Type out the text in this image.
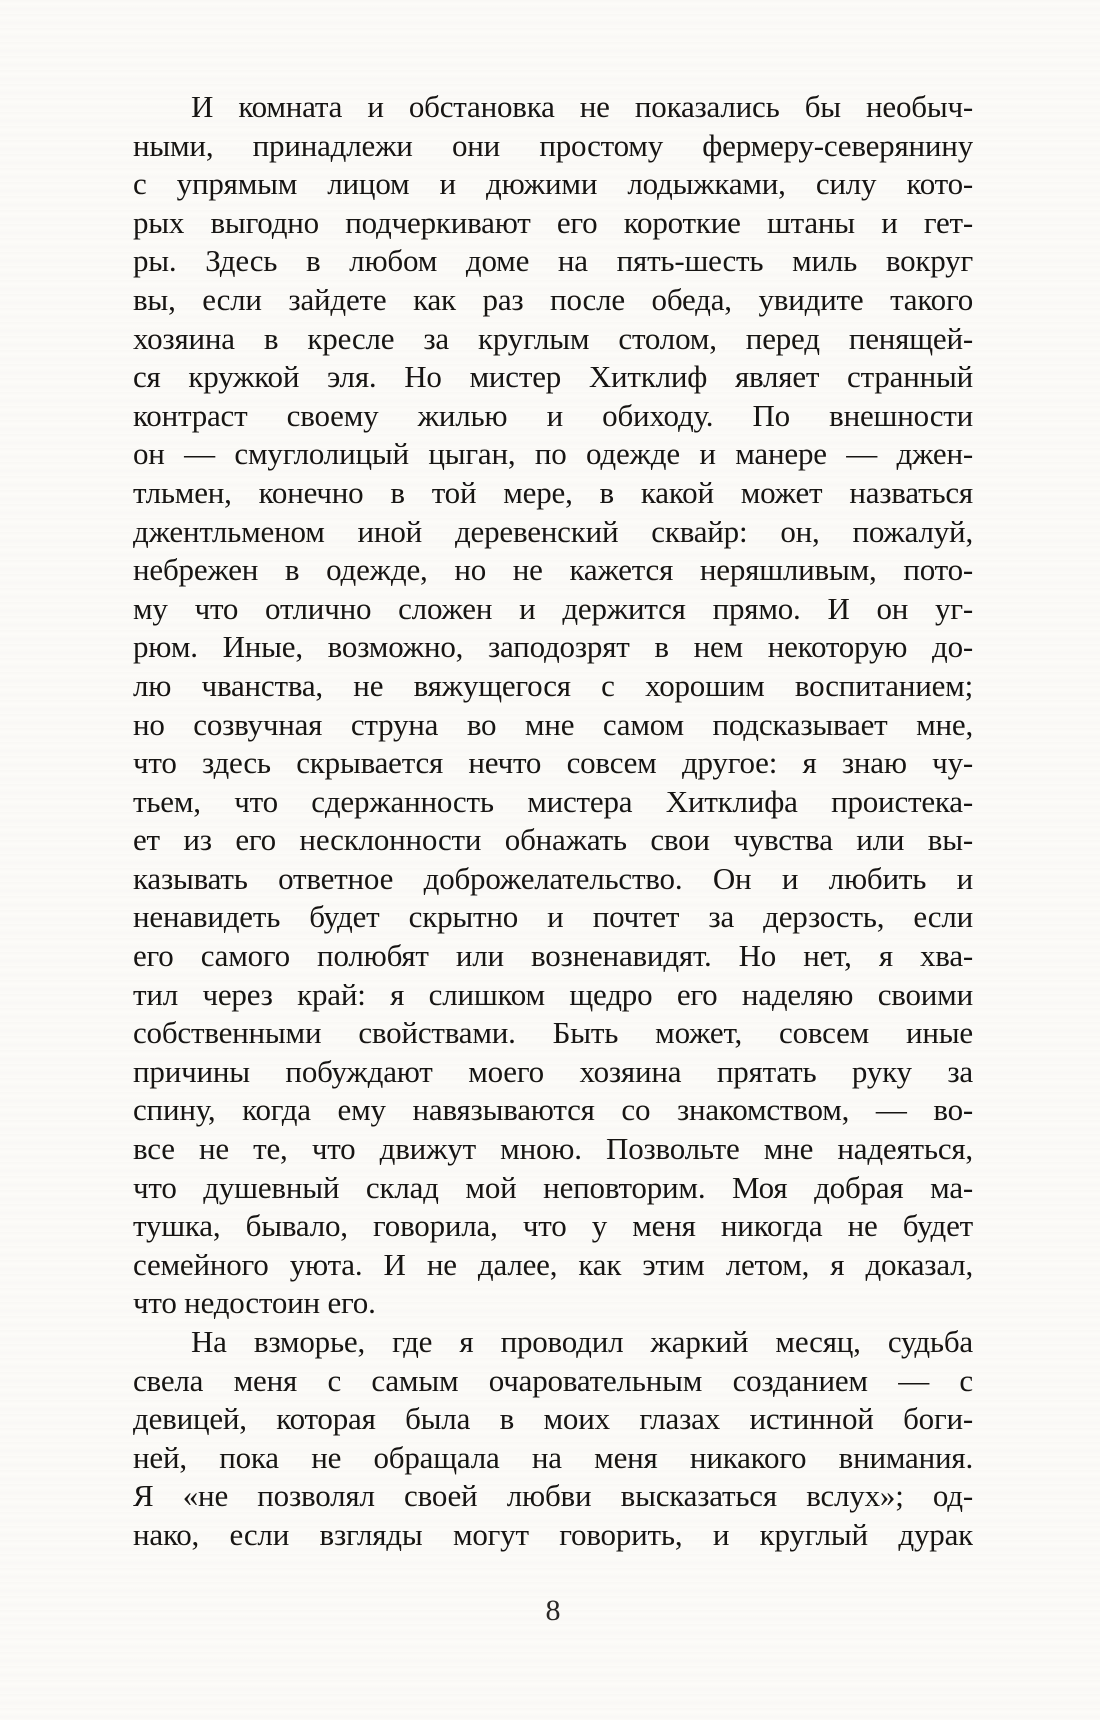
И комната и обстановка не показались бы необыч-
ными, принадлежи они простому фермеру-северянину
с упрямым лицом и дюжими лодыжками, силу кото-
рых выгодно подчеркивают его короткие штаны и гет-
ры. Здесь в любом доме на пять-шесть миль вокруг
вы, если зайдете как раз после обеда, увидите такого
хозяина в кресле за круглым столом, перед пенящей-
ся кружкой эля. Но мистер Хитклиф являет странный
контраст своему жилью и обиходу. По внешности
он — смуглолицый цыган, по одежде и манере — джен-
тльмен, конечно в той мере, в какой может назваться
джентльменом иной деревенский сквайр: он, пожалуй,
небрежен в одежде, но не кажется неряшливым, пото-
му что отлично сложен и держится прямо. И он уг-
рюм. Иные, возможно, заподозрят в нем некоторую до-
лю чванства, не вяжущегося с хорошим воспитанием;
но созвучная струна во мне самом подсказывает мне,
что здесь скрывается нечто совсем другое: я знаю чу-
тьем, что сдержанность мистера Хитклифа проистека-
ет из его несклонности обнажать свои чувства или вы-
казывать ответное доброжелательство. Он и любить и
ненавидеть будет скрытно и почтет за дерзость, если
его самого полюбят или возненавидят. Но нет, я хва-
тил через край: я слишком щедро его наделяю своими
собственными свойствами. Быть может, совсем иные
причины побуждают моего хозяина прятать руку за
спину, когда ему навязываются со знакомством, — во-
все не те, что движут мною. Позвольте мне надеяться,
что душевный склад мой неповторим. Моя добрая ма-
тушка, бывало, говорила, что у меня никогда не будет
семейного уюта. И не далее, как этим летом, я доказал,
что недостоин его.
На взморье, где я проводил жаркий месяц, судьба
свела меня с самым очаровательным созданием — с
девицей, которая была в моих глазах истинной боги-
ней, пока не обращала на меня никакого внимания.
Я «не позволял своей любви высказаться вслух»; од-
нако, если взгляды могут говорить, и круглый дурак
8
